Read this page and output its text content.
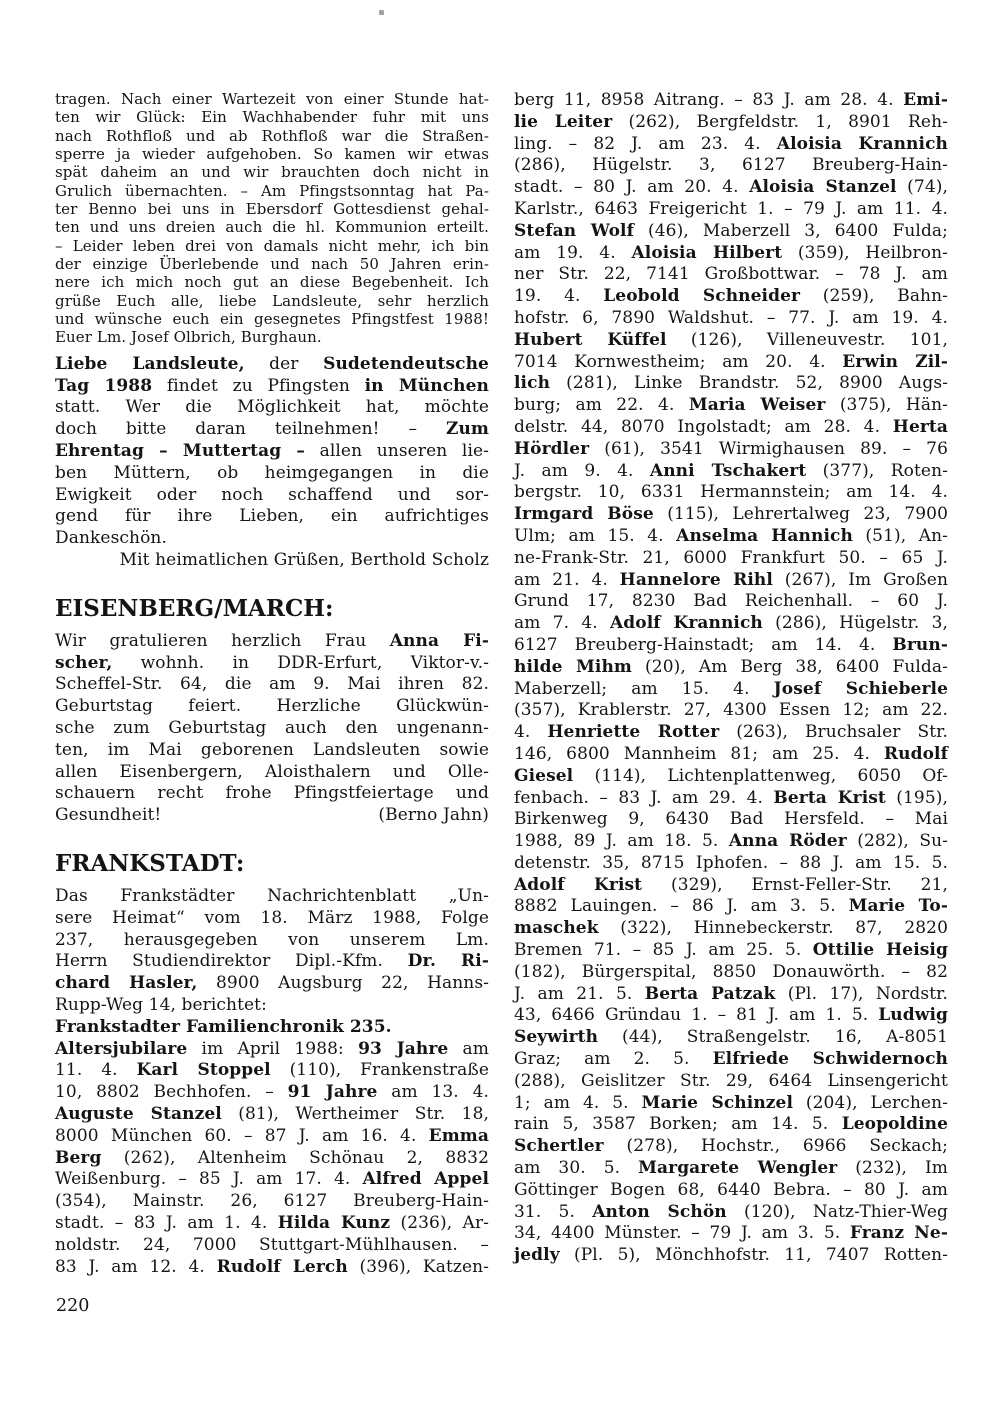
tragen. Nach einer Wartezeit von einer Stunde hat-
ten wir Glück: Ein Wachhabender fuhr mit uns
nach Rothfloß und ab Rothfloß war die Straßen-
sperre ja wieder aufgehoben. So kamen wir etwas
spät daheim an und wir brauchten doch nicht in
Grulich übernachten. – Am Pfingstsonntag hat Pa-
ter Benno bei uns in Ebersdorf Gottesdienst gehal-
ten und uns dreien auch die hl. Kommunion erteilt.
– Leider leben drei von damals nicht mehr, ich bin
der einzige Überlebende und nach 50 Jahren erin-
nere ich mich noch gut an diese Begebenheit. Ich
grüße Euch alle, liebe Landsleute, sehr herzlich
und wünsche euch ein gesegnetes Pfingstfest 1988!
Euer Lm. Josef Olbrich, Burghaun.
Liebe Landsleute, der Sudetendeutsche
Tag 1988 findet zu Pfingsten in München
statt. Wer die Möglichkeit hat, möchte
doch bitte daran teilnehmen! – Zum
Ehrentag – Muttertag – allen unseren lie-
ben Müttern, ob heimgegangen in die
Ewigkeit oder noch schaffend und sor-
gend für ihre Lieben, ein aufrichtiges
Dankeschön.
Mit heimatlichen Grüßen, Berthold Scholz
EISENBERG/MARCH:
Wir gratulieren herzlich Frau Anna Fi-
scher, wohnh. in DDR-Erfurt, Viktor-v.-
Scheffel-Str. 64, die am 9. Mai ihren 82.
Geburtstag feiert. Herzliche Glückwün-
sche zum Geburtstag auch den ungenann-
ten, im Mai geborenen Landsleuten sowie
allen Eisenbergern, Aloisthalern und Olle-
schauern recht frohe Pfingstfeiertage und
Gesundheit!	(Berno Jahn)
FRANKSTADT:
Das Frankstädter Nachrichtenblatt „Un-
sere Heimat“ vom 18. März 1988, Folge
237, herausgegeben von unserem Lm.
Herrn Studiendirektor Dipl.-Kfm. Dr. Ri-
chard Hasler, 8900 Augsburg 22, Hanns-
Rupp-Weg 14, berichtet:
Frankstadter Familienchronik 235.
Altersjubilare im April 1988: 93 Jahre am
11. 4. Karl Stoppel (110), Frankenstraße
10, 8802 Bechhofen. – 91 Jahre am 13. 4.
Auguste Stanzel (81), Wertheimer Str. 18,
8000 München 60. – 87 J. am 16. 4. Emma
Berg (262), Altenheim Schönau 2, 8832
Weißenburg. – 85 J. am 17. 4. Alfred Appel
(354), Mainstr. 26, 6127 Breuberg-Hain-
stadt. – 83 J. am 1. 4. Hilda Kunz (236), Ar-
noldstr. 24, 7000 Stuttgart-Mühlhausen. –
83 J. am 12. 4. Rudolf Lerch (396), Katzen-
berg 11, 8958 Aitrang. – 83 J. am 28. 4. Emi-
lie Leiter (262), Bergfeldstr. 1, 8901 Reh-
ling. – 82 J. am 23. 4. Aloisia Krannich
(286), Hügelstr. 3, 6127 Breuberg-Hain-
stadt. – 80 J. am 20. 4. Aloisia Stanzel (74),
Karlstr., 6463 Freigericht 1. – 79 J. am 11. 4.
Stefan Wolf (46), Maberzell 3, 6400 Fulda;
am 19. 4. Aloisia Hilbert (359), Heilbron-
ner Str. 22, 7141 Großbottwar. – 78 J. am
19. 4. Leobold Schneider (259), Bahn-
hofstr. 6, 7890 Waldshut. – 77. J. am 19. 4.
Hubert Küffel (126), Villeneuvestr. 101,
7014 Kornwestheim; am 20. 4. Erwin Zil-
lich (281), Linke Brandstr. 52, 8900 Augs-
burg; am 22. 4. Maria Weiser (375), Hän-
delstr. 44, 8070 Ingolstadt; am 28. 4. Herta
Hördler (61), 3541 Wirmighausen 89. – 76
J. am 9. 4. Anni Tschakert (377), Roten-
bergstr. 10, 6331 Hermannstein; am 14. 4.
Irmgard Böse (115), Lehrertalweg 23, 7900
Ulm; am 15. 4. Anselma Hannich (51), An-
ne-Frank-Str. 21, 6000 Frankfurt 50. – 65 J.
am 21. 4. Hannelore Rihl (267), Im Großen
Grund 17, 8230 Bad Reichenhall. – 60 J.
am 7. 4. Adolf Krannich (286), Hügelstr. 3,
6127 Breuberg-Hainstadt; am 14. 4. Brun-
hilde Mihm (20), Am Berg 38, 6400 Fulda-
Maberzell; am 15. 4. Josef Schieberle
(357), Krablerstr. 27, 4300 Essen 12; am 22.
4. Henriette Rotter (263), Bruchsaler Str.
146, 6800 Mannheim 81; am 25. 4. Rudolf
Giesel (114), Lichtenplattenweg, 6050 Of-
fenbach. – 83 J. am 29. 4. Berta Krist (195),
Birkenweg 9, 6430 Bad Hersfeld. – Mai
1988, 89 J. am 18. 5. Anna Röder (282), Su-
detenstr. 35, 8715 Iphofen. – 88 J. am 15. 5.
Adolf Krist (329), Ernst-Feller-Str. 21,
8882 Lauingen. – 86 J. am 3. 5. Marie To-
maschek (322), Hinnebeckerstr. 87, 2820
Bremen 71. – 85 J. am 25. 5. Ottilie Heisig
(182), Bürgerspital, 8850 Donauwörth. – 82
J. am 21. 5. Berta Patzak (Pl. 17), Nordstr.
43, 6466 Gründau 1. – 81 J. am 1. 5. Ludwig
Seywirth (44), Straßengelstr. 16, A-8051
Graz; am 2. 5. Elfriede Schwidernoch
(288), Geislitzer Str. 29, 6464 Linsengericht
1; am 4. 5. Marie Schinzel (204), Lerchen-
rain 5, 3587 Borken; am 14. 5. Leopoldine
Schertler (278), Hochstr., 6966 Seckach;
am 30. 5. Margarete Wengler (232), Im
Göttinger Bogen 68, 6440 Bebra. – 80 J. am
31. 5. Anton Schön (120), Natz-Thier-Weg
34, 4400 Münster. – 79 J. am 3. 5. Franz Ne-
jedly (Pl. 5), Mönchhofstr. 11, 7407 Rotten-
220
